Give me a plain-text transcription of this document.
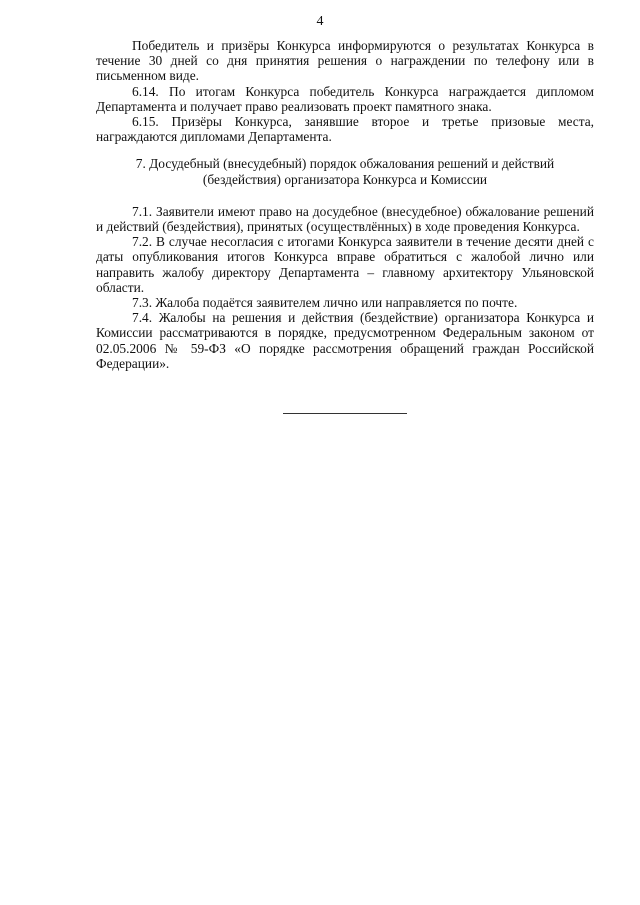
4

Победитель и призёры Конкурса информируются о результатах Конкурса в течение 30 дней со дня принятия решения о награждении по телефону или в письменном виде.

6.14. По итогам Конкурса победитель Конкурса награждается дипломом Департамента и получает право реализовать проект памятного знака.

6.15. Призёры Конкурса, занявшие второе и третье призовые места, награждаются дипломами Департамента.

7. Досудебный (внесудебный) порядок обжалования решений и действий (бездействия) организатора Конкурса и Комиссии

7.1. Заявители имеют право на досудебное (внесудебное) обжалование решений и действий (бездействия), принятых (осуществлённых) в ходе проведения Конкурса.

7.2. В случае несогласия с итогами Конкурса заявители в течение десяти дней с даты опубликования итогов Конкурса вправе обратиться с жалобой лично или направить жалобу директору Департамента – главному архитектору Ульяновской области.

7.3. Жалоба подаётся заявителем лично или направляется по почте.

7.4. Жалобы на решения и действия (бездействие) организатора Конкурса и Комиссии рассматриваются в порядке, предусмотренном Федеральным законом от 02.05.2006 № 59-ФЗ «О порядке рассмотрения обращений граждан Российской Федерации».
